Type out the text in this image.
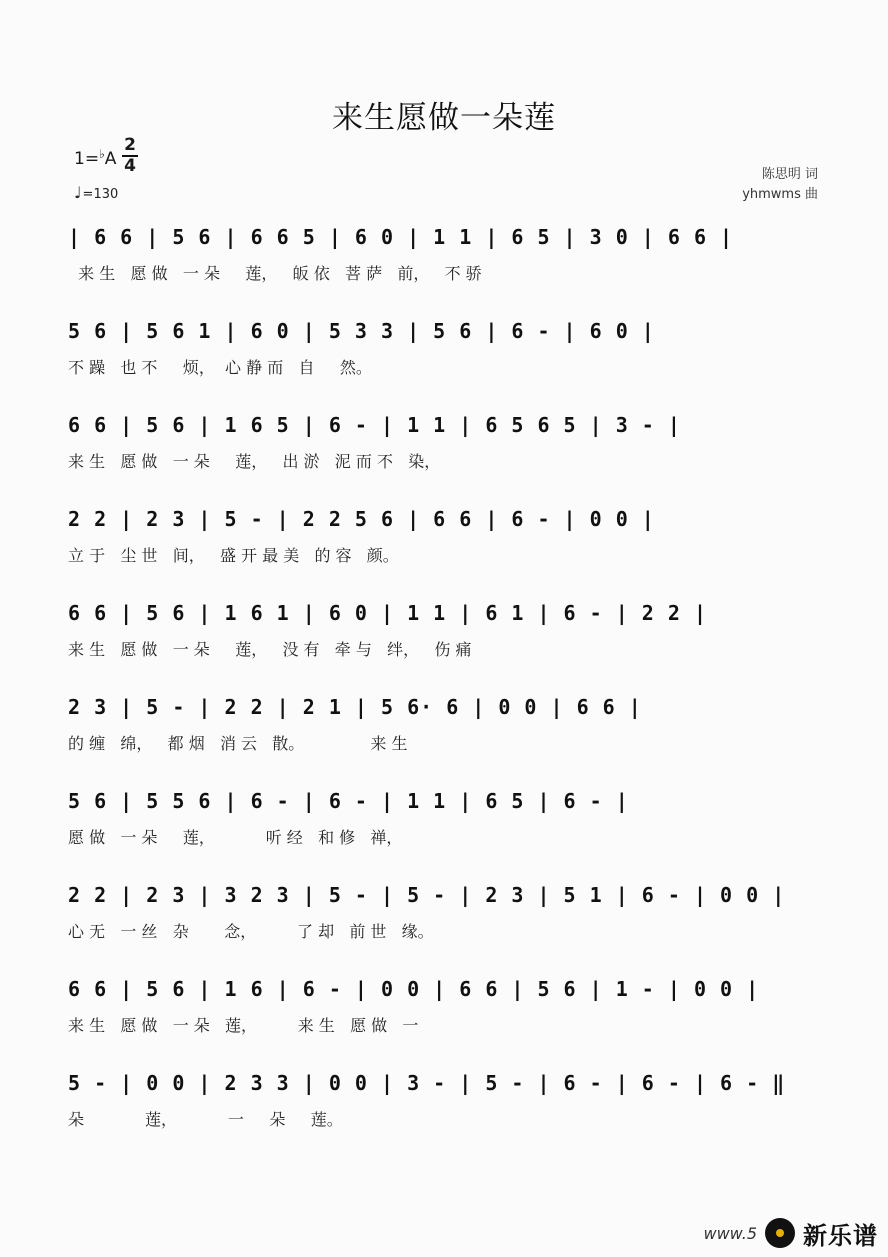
来生愿做一朵莲
1=♭A
2
4
♩=130
陈思明 词
yhmwms 曲
| 6 6 | 5 6 | 6 6 5 | 6 0 | 1 1 | 6 5 | 3 0 | 6 6 |
来 生   愿 做   一 朵     莲，   皈 依   菩 萨   前，   不 骄
5 6 | 5 6 1 | 6 0 | 5 3 3 | 5 6 | 6 - | 6 0 |
不 躁   也 不     烦，  心 静 而   自     然。
6 6 | 5 6 | 1 6 5 | 6 - | 1 1 | 6 5 6 5 | 3 - |
来 生   愿 做   一 朵     莲，   出 淤   泥 而 不   染，
2 2 | 2 3 | 5 - | 2 2 5 6 | 6 6 | 6 - | 0 0 |
立 于   尘 世   间，   盛 开 最 美   的 容   颜。
6 6 | 5 6 | 1 6 1 | 6 0 | 1 1 | 6 1 | 6 - | 2 2 |
来 生   愿 做   一 朵     莲，   没 有   牵 与   绊，   伤 痛
2 3 | 5 - | 2 2 | 2 1 | 5 6· 6 | 0 0 | 6 6 |
的 缠   绵，   都 烟   消 云   散。             来 生
5 6 | 5 5 6 | 6 - | 6 - | 1 1 | 6 5 | 6 - |
愿 做   一 朵     莲，          听 经   和 修   禅，
2 2 | 2 3 | 3 2 3 | 5 - | 5 - | 2 3 | 5 1 | 6 - | 0 0 |
心 无   一 丝   杂       念，        了 却   前 世   缘。
6 6 | 5 6 | 1 6 | 6 - | 0 0 | 6 6 | 5 6 | 1 - | 0 0 |
来 生   愿 做   一 朵   莲，        来 生   愿 做   一
5 - | 0 0 | 2 3 3 | 0 0 | 3 - | 5 - | 6 - | 6 - | 6 - ‖
朵            莲，          一     朵     莲。
www.5 新乐谱
